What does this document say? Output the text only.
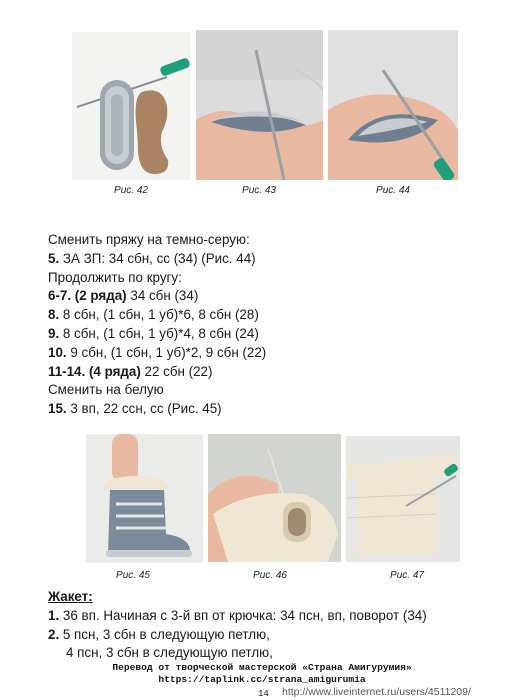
Рис. 42	Рис. 43	Рис. 44
Сменить пряжу на темно-серую:
5. ЗА ЗП: 34 сбн, сс (34) (Рис. 44)
Продолжить по кругу:
6-7. (2 ряда) 34 сбн (34)
8. 8 сбн, (1 сбн, 1 уб)*6, 8 сбн (28)
9. 8 сбн, (1 сбн, 1 уб)*4, 8 сбн (24)
10. 9 сбн, (1 сбн, 1 уб)*2, 9 сбн (22)
11-14. (4 ряда) 22 сбн (22)
Сменить на белую
15. 3 вп, 22 ссн, сс (Рис. 45)
Рис. 45	Рис. 46	Рис. 47
Жакет:
1. 36 вп. Начиная с 3-й вп от крючка: 34 псн, вп, поворот (34)
2. 5 псн, 3 сбн в следующую петлю,
4 псн, 3 сбн в следующую петлю,
Перевод от творческой мастерской «Страна Амигурумия»
https://taplink.cc/strana_amigurumia
14 http://www.liveinternet.ru/users/4511209/
